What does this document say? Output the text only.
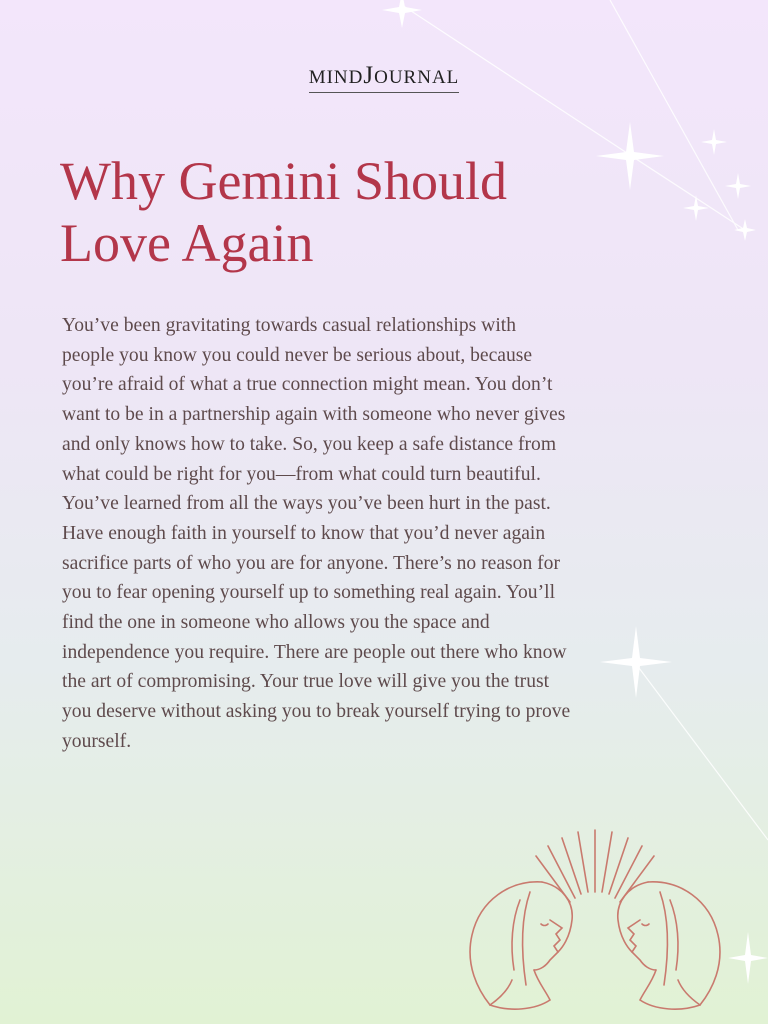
MINDJOURNAL
Why Gemini Should Love Again

You’ve been gravitating towards casual relationships with people you know you could never be serious about, because you’re afraid of what a true connection might mean. You don’t want to be in a partnership again with someone who never gives and only knows how to take. So, you keep a safe distance from what could be right for you—from what could turn beautiful. You’ve learned from all the ways you’ve been hurt in the past. Have enough faith in yourself to know that you’d never again sacrifice parts of who you are for anyone. There’s no reason for you to fear opening yourself up to something real again. You’ll find the one in someone who allows you the space and independence you require. There are people out there who know the art of compromising. Your true love will give you the trust you deserve without asking you to break yourself trying to prove yourself.
